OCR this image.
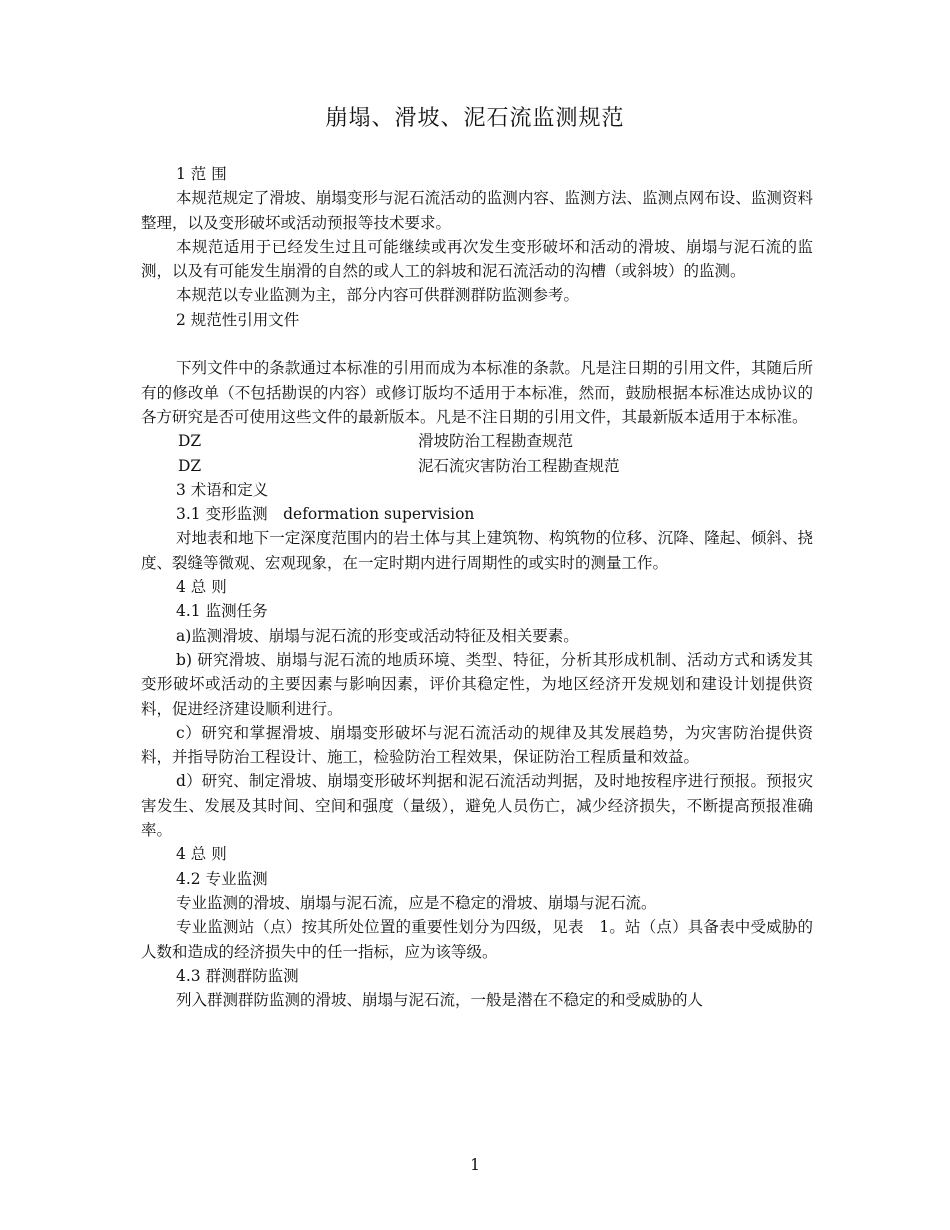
崩塌、滑坡、泥石流监测规范

1 范 围

本规范规定了滑坡、崩塌变形与泥石流活动的监测内容、监测方法、监测点网布设、监测资料整理，以及变形破坏或活动预报等技术要求。

本规范适用于已经发生过且可能继续或再次发生变形破坏和活动的滑坡、崩塌与泥石流的监测，以及有可能发生崩滑的自然的或人工的斜坡和泥石流活动的沟槽（或斜坡）的监测。

本规范以专业监测为主，部分内容可供群测群防监测参考。

2 规范性引用文件

下列文件中的条款通过本标准的引用而成为本标准的条款。凡是注日期的引用文件，其随后所有的修改单（不包括勘误的内容）或修订版均不适用于本标准，然而，鼓励根据本标准达成协议的各方研究是否可使用这些文件的最新版本。凡是不注日期的引用文件，其最新版本适用于本标准。

DZ	滑坡防治工程勘查规范
DZ	泥石流灾害防治工程勘查规范

3 术语和定义

3.1 变形监测　deformation supervision

对地表和地下一定深度范围内的岩土体与其上建筑物、构筑物的位移、沉降、隆起、倾斜、挠度、裂缝等微观、宏观现象，在一定时期内进行周期性的或实时的测量工作。

4 总 则

4.1 监测任务

a)监测滑坡、崩塌与泥石流的形变或活动特征及相关要素。

b) 研究滑坡、崩塌与泥石流的地质环境、类型、特征，分析其形成机制、活动方式和诱发其变形破坏或活动的主要因素与影响因素，评价其稳定性，为地区经济开发规划和建设计划提供资料，促进经济建设顺利进行。

c）研究和掌握滑坡、崩塌变形破坏与泥石流活动的规律及其发展趋势，为灾害防治提供资料，并指导防治工程设计、施工，检验防治工程效果，保证防治工程质量和效益。

d）研究、制定滑坡、崩塌变形破坏判据和泥石流活动判据，及时地按程序进行预报。预报灾害发生、发展及其时间、空间和强度（量级），避免人员伤亡，减少经济损失，不断提高预报准确率。

4 总 则

4.2 专业监测

专业监测的滑坡、崩塌与泥石流，应是不稳定的滑坡、崩塌与泥石流。

专业监测站（点）按其所处位置的重要性划分为四级，见表　1。站（点）具备表中受威胁的人数和造成的经济损失中的任一指标，应为该等级。

4.3 群测群防监测

列入群测群防监测的滑坡、崩塌与泥石流，一般是潜在不稳定的和受威胁的人

1
